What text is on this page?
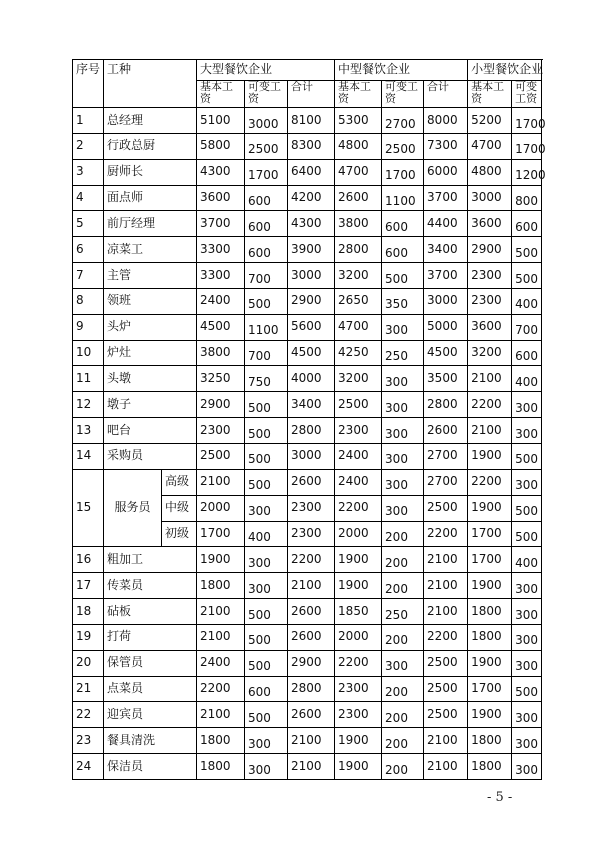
序号	工种		大型餐饮企业			中型餐饮企业			小型餐饮企业		
			基本工资	可变工资	合计	基本工资	可变工资	合计	基本工资	可变工资	
1	总经理		5100	3000	8100	5300	2700	8000	5200	1700	
2	行政总厨		5800	2500	8300	4800	2500	7300	4700	1700	
3	厨师长		4300	1700	6400	4700	1700	6000	4800	1200	
4	面点师		3600	600	4200	2600	1100	3700	3000	800	
5	前厅经理		3700	600	4300	3800	600	4400	3600	600	
6	凉菜工		3300	600	3900	2800	600	3400	2900	500	
7	主管		3300	700	3000	3200	500	3700	2300	500	
8	领班		2400	500	2900	2650	350	3000	2300	400	
9	头炉		4500	1100	5600	4700	300	5000	3600	700	
10	炉灶		3800	700	4500	4250	250	4500	3200	600	
11	头墩		3250	750	4000	3200	300	3500	2100	400	
12	墩子		2900	500	3400	2500	300	2800	2200	300	
13	吧台		2300	500	2800	2300	300	2600	2100	300	
14	采购员		2500	500	3000	2400	300	2700	1900	500	
15	服务员	高级	2100	500	2600	2400	300	2700	2200	300	
		中级	2000	300	2300	2200	300	2500	1900	500	
		初级	1700	400	2300	2000	200	2200	1700	500	
16	粗加工		1900	300	2200	1900	200	2100	1700	400	
17	传菜员		1800	300	2100	1900	200	2100	1900	300	
18	砧板		2100	500	2600	1850	250	2100	1800	300	
19	打荷		2100	500	2600	2000	200	2200	1800	300	
20	保管员		2400	500	2900	2200	300	2500	1900	300	
21	点菜员		2200	600	2800	2300	200	2500	1700	500	
22	迎宾员		2100	500	2600	2300	200	2500	1900	300	
23	餐具清洗		1800	300	2100	1900	200	2100	1800	300	
24	保洁员		1800	300	2100	1900	200	2100	1800	300	
- 5 -
